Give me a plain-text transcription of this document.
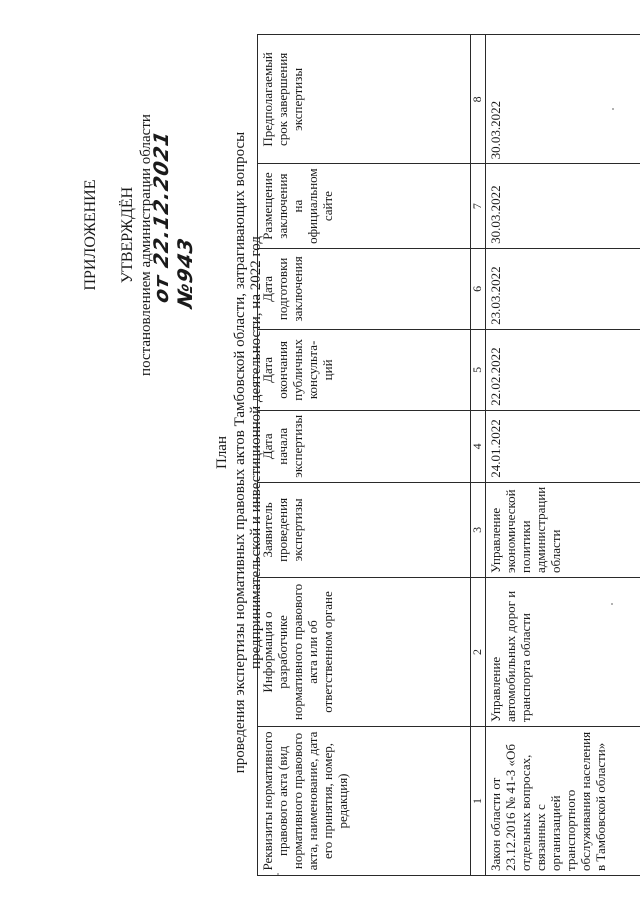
ПРИЛОЖЕНИЕ УТВЕРЖДЁН постановлением администрации области
от 22.12.2021 №943
План проведения экспертизы нормативных правовых актов Тамбовской области, затрагивающих вопросы предпринимательской и инвестиционной деятельности, на 2022 год
Реквизиты нормативного правового акта (вид нормативного правового акта, наименование, дата его принятия, номер, редакция)	Информация о разработчике нормативного правового акта или об ответственном органе	Заявитель проведения экспертизы	Дата начала экспертизы	Дата окончания публичных консульта-ций	Дата подготовки заключения	Размещение заключения на официальном сайте	Предполагаемый срок завершения экспертизы
1	2	3	4	5	6	7	8
Закон области от 23.12.2016 № 41-З «Об отдельных вопросах, связанных с организацией транспортного обслуживания населения в Тамбовской области»	Управление автомобильных дорог и транспорта области	Управление экономической политики администрации области	24.01.2022	22.02.2022	23.03.2022	30.03.2022	30.03.2022
